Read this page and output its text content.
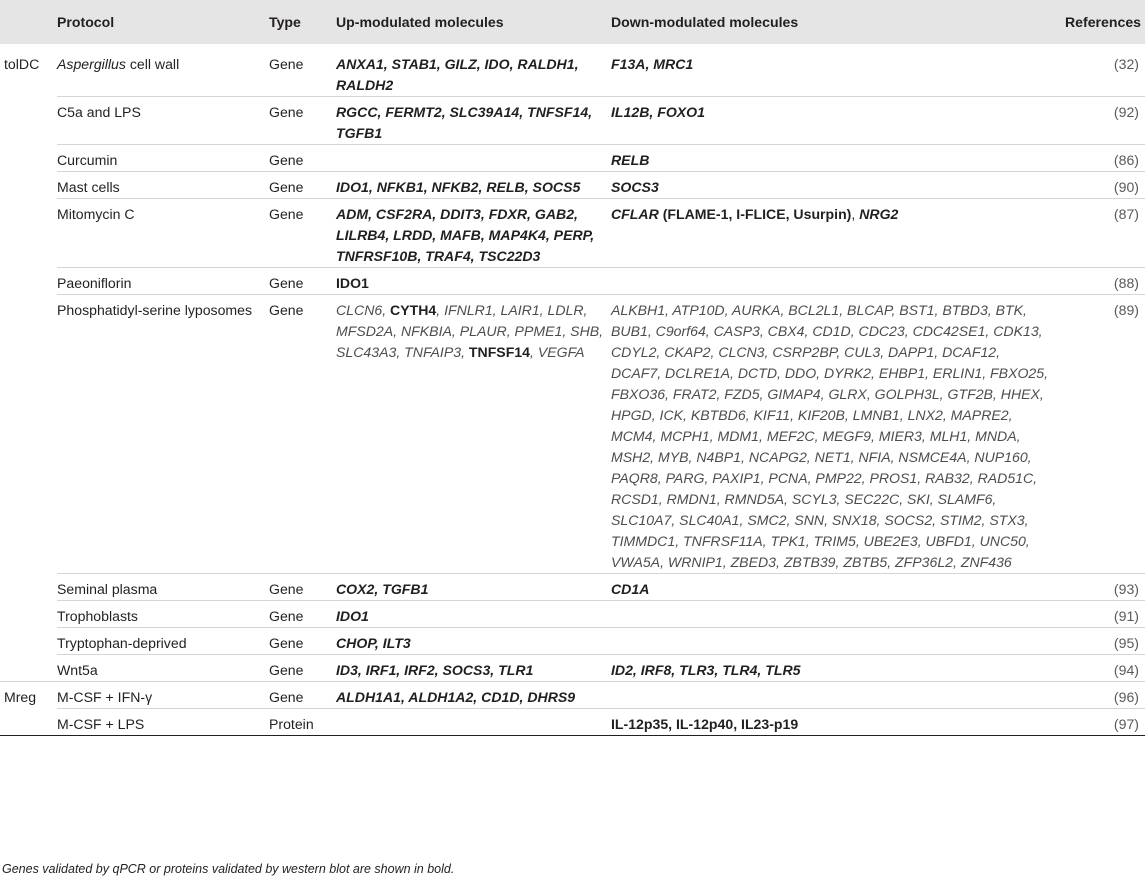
	Protocol	Type	Up-modulated molecules	Down-modulated molecules	References
tolDC	Aspergillus cell wall	Gene	ANXA1, STAB1, GILZ, IDO, RALDH1, RALDH2	F13A, MRC1	(32)
	C5a and LPS	Gene	RGCC, FERMT2, SLC39A14, TNFSF14, TGFB1	IL12B, FOXO1	(92)
	Curcumin	Gene		RELB	(86)
	Mast cells	Gene	IDO1, NFKB1, NFKB2, RELB, SOCS5	SOCS3	(90)
	Mitomycin C	Gene	ADM, CSF2RA, DDIT3, FDXR, GAB2, LILRB4, LRDD, MAFB, MAP4K4, PERP, TNFRSF10B, TRAF4, TSC22D3	CFLAR (FLAME-1, I-FLICE, Usurpin), NRG2	(87)
	Paeoniflorin	Gene	IDO1		(88)
	Phosphatidyl-serine lyposomes	Gene	CLCN6, CYTH4, IFNLR1, LAIR1, LDLR, MFSD2A, NFKBIA, PLAUR, PPME1, SHB, SLC43A3, TNFAIP3, TNFSF14, VEGFA	ALKBH1, ATP10D, AURKA, BCL2L1, BLCAP, BST1, BTBD3, BTK, BUB1, C9orf64, CASP3, CBX4, CD1D, CDC23, CDC42SE1, CDK13, CDYL2, CKAP2, CLCN3, CSRP2BP, CUL3, DAPP1, DCAF12, DCAF7, DCLRE1A, DCTD, DDO, DYRK2, EHBP1, ERLIN1, FBXO25, FBXO36, FRAT2, FZD5, GIMAP4, GLRX, GOLPH3L, GTF2B, HHEX, HPGD, ICK, KBTBD6, KIF11, KIF20B, LMNB1, LNX2, MAPRE2, MCM4, MCPH1, MDM1, MEF2C, MEGF9, MIER3, MLH1, MNDA, MSH2, MYB, N4BP1, NCAPG2, NET1, NFIA, NSMCE4A, NUP160, PAQR8, PARG, PAXIP1, PCNA, PMP22, PROS1, RAB32, RAD51C, RCSD1, RMDN1, RMND5A, SCYL3, SEC22C, SKI, SLAMF6, SLC10A7, SLC40A1, SMC2, SNN, SNX18, SOCS2, STIM2, STX3, TIMMDC1, TNFRSF11A, TPK1, TRIM5, UBE2E3, UBFD1, UNC50, VWA5A, WRNIP1, ZBED3, ZBTB39, ZBTB5, ZFP36L2, ZNF436	(89)
	Seminal plasma	Gene	COX2, TGFB1	CD1A	(93)
	Trophoblasts	Gene	IDO1		(91)
	Tryptophan-deprived	Gene	CHOP, ILT3		(95)
	Wnt5a	Gene	ID3, IRF1, IRF2, SOCS3, TLR1	ID2, IRF8, TLR3, TLR4, TLR5	(94)
Mreg	M-CSF + IFN-γ	Gene	ALDH1A1, ALDH1A2, CD1D, DHRS9		(96)
	M-CSF + LPS	Protein		IL-12p35, IL-12p40, IL23-p19	(97)
Genes validated by qPCR or proteins validated by western blot are shown in bold.
